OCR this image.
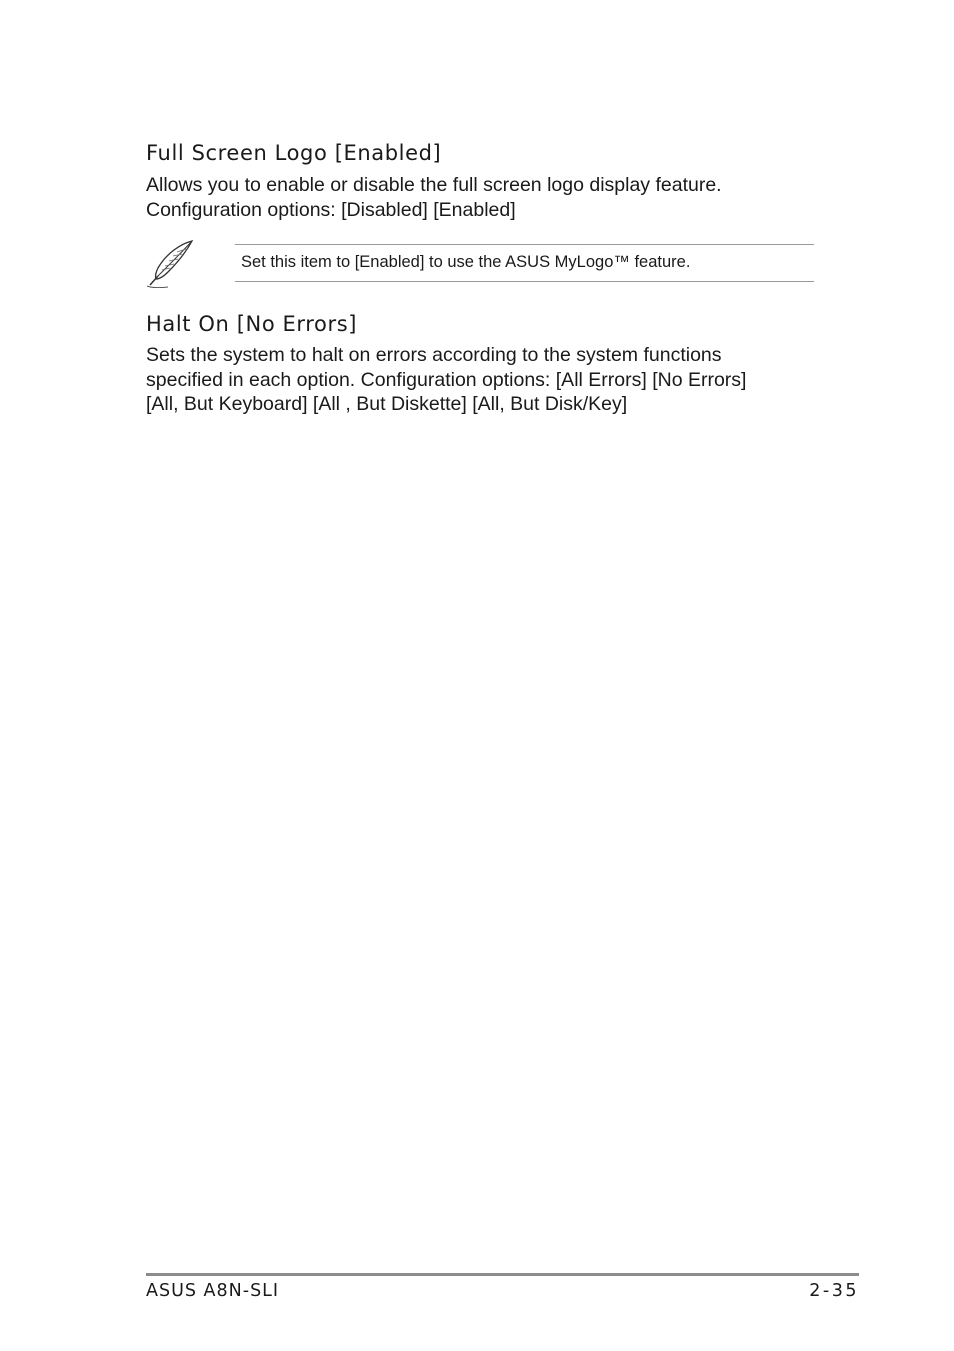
Full Screen Logo [Enabled]

Allows you to enable or disable the full screen logo display feature.
Configuration options: [Disabled] [Enabled]

Set this item to [Enabled] to use the ASUS MyLogo™ feature.
Halt On [No Errors]

Sets the system to halt on errors according to the system functions
specified in each option. Configuration options: [All Errors] [No Errors]
[All, But Keyboard] [All , But Diskette] [All, But Disk/Key]

ASUS A8N-SLI	2-35
